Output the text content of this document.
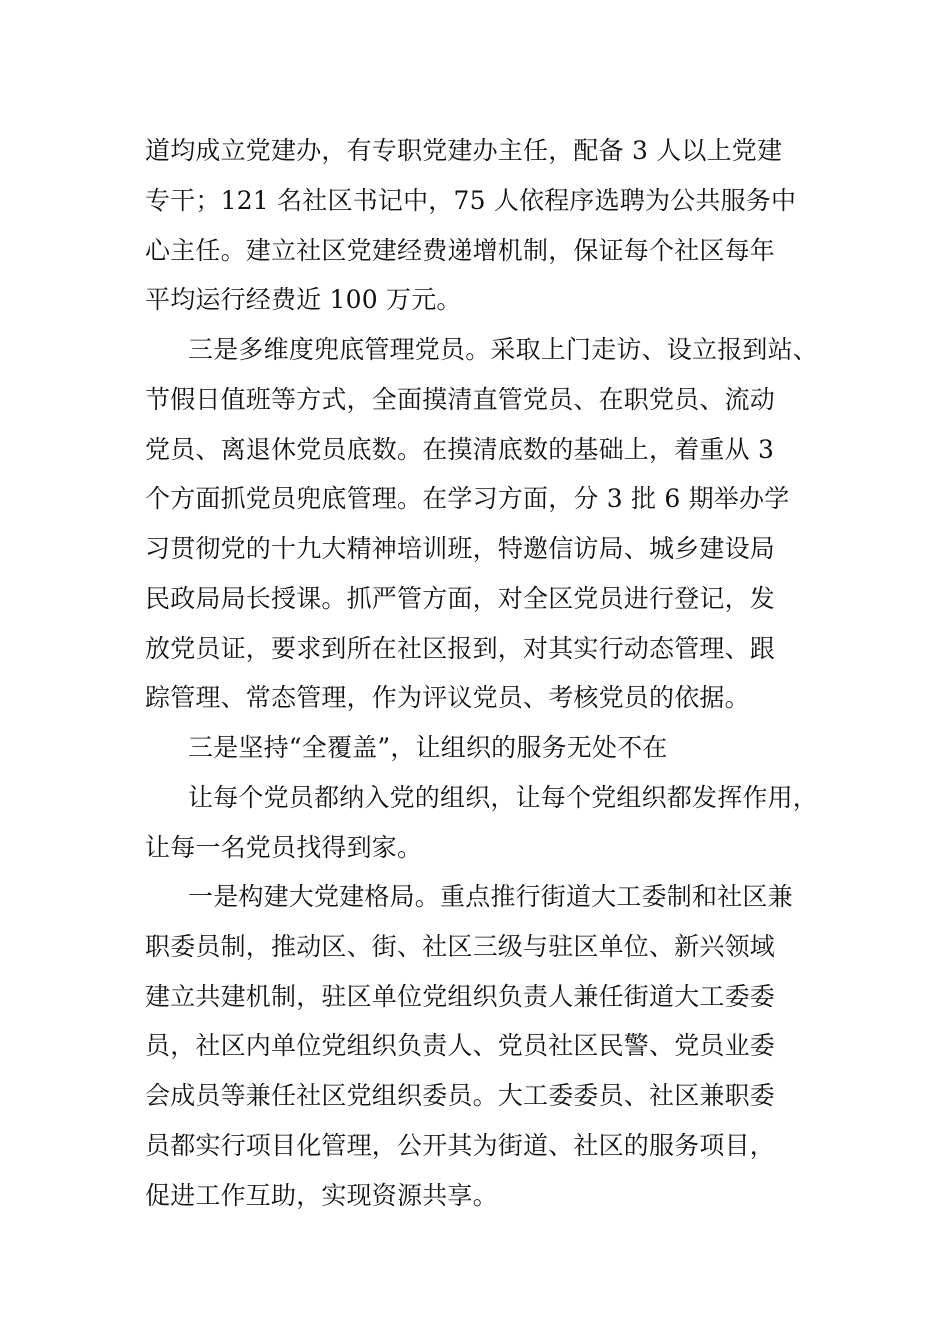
道均成立党建办，有专职党建办主任，配备 3 人以上党建
专干；121 名社区书记中，75 人依程序选聘为公共服务中
心主任。建立社区党建经费递增机制，保证每个社区每年
平均运行经费近 100 万元。
三是多维度兜底管理党员。采取上门走访、设立报到站、
节假日值班等方式，全面摸清直管党员、在职党员、流动
党员、离退休党员底数。在摸清底数的基础上，着重从 3
个方面抓党员兜底管理。在学习方面，分 3 批 6 期举办学
习贯彻党的十九大精神培训班，特邀信访局、城乡建设局
民政局局长授课。抓严管方面，对全区党员进行登记，发
放党员证，要求到所在社区报到，对其实行动态管理、跟
踪管理、常态管理，作为评议党员、考核党员的依据。
三是坚持“全覆盖”，让组织的服务无处不在
让每个党员都纳入党的组织，让每个党组织都发挥作用，
让每一名党员找得到家。
一是构建大党建格局。重点推行街道大工委制和社区兼
职委员制，推动区、街、社区三级与驻区单位、新兴领域
建立共建机制，驻区单位党组织负责人兼任街道大工委委
员，社区内单位党组织负责人、党员社区民警、党员业委
会成员等兼任社区党组织委员。大工委委员、社区兼职委
员都实行项目化管理，公开其为街道、社区的服务项目，
促进工作互助，实现资源共享。
